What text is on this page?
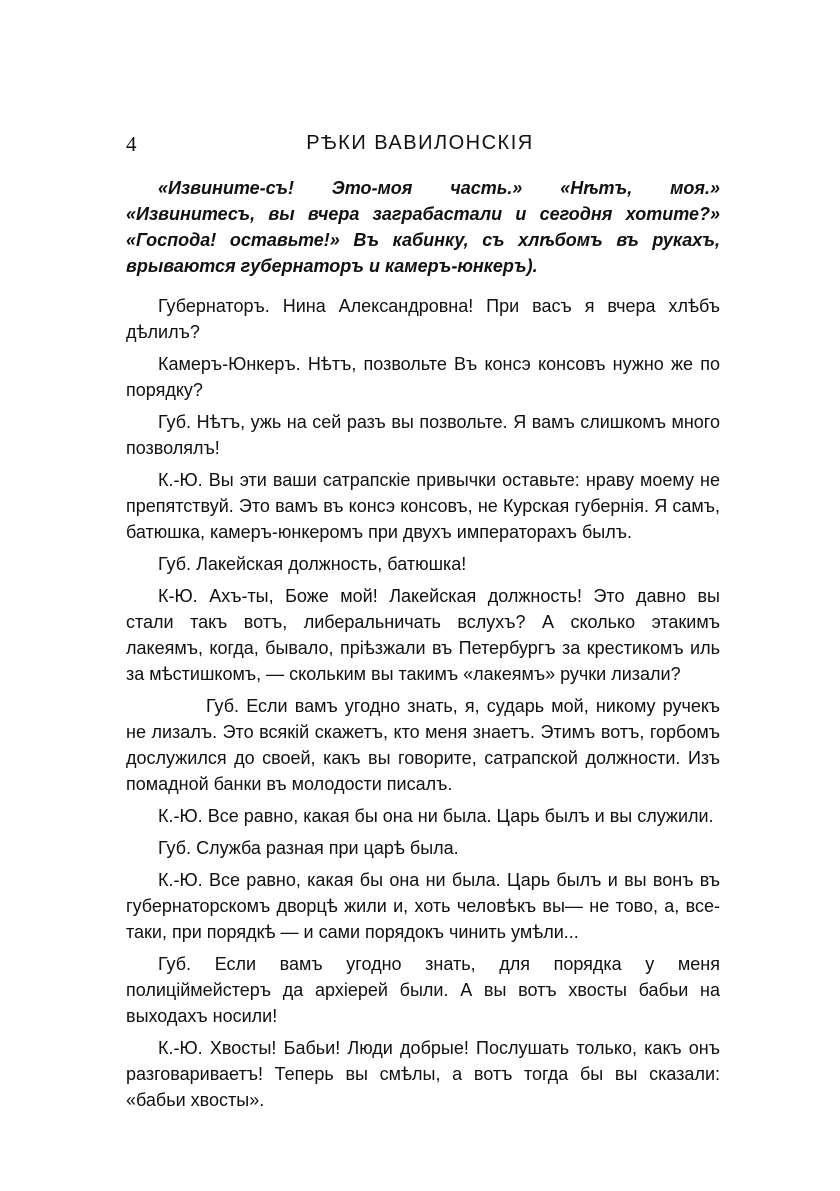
4	РѢКИ ВАВИЛОНСКІЯ

«Извините-съ! Это-моя часть.» «Нѣтъ, моя.» «Извинитесъ, вы вчера заграбастали и сегодня хотите?» «Господа! оставьте!» Въ кабинку, съ хлѣбомъ въ рукахъ, врываются губернаторъ и камеръ-юнкеръ).

Губернаторъ. Нина Александровна! При васъ я вчера хлѣбъ дѣлилъ?

Камеръ-Юнкеръ. Нѣтъ, позвольте Въ консэ консовъ нужно же по порядку?

Губ. Нѣтъ, ужь на сей разъ вы позвольте. Я вамъ слишкомъ много позволялъ!

К.-Ю. Вы эти ваши сатрапскіе привычки оставьте: нраву моему не препятствуй. Это вамъ въ консэ консовъ, не Курская губернія. Я самъ, батюшка, камеръ-юнкеромъ при двухъ императорахъ былъ.

Губ. Лакейская должность, батюшка!

К-Ю. Ахъ-ты, Боже мой! Лакейская должность! Это давно вы стали такъ вотъ, либеральничать вслухъ? А сколько этакимъ лакеямъ, когда, бывало, пріѣзжали въ Петербургъ за крестикомъ иль за мѣстишкомъ, — скольким вы такимъ «лакеямъ» ручки лизали?

Губ. Если вамъ угодно знать, я, сударь мой, никому ручекъ не лизалъ. Это всякій скажетъ, кто меня знаетъ. Этимъ вотъ, горбомъ дослужился до своей, какъ вы говорите, сатрапской должности. Изъ помадной банки въ молодости писалъ.

К.-Ю. Все равно, какая бы она ни была. Царь былъ и вы служили.

Губ. Служба разная при царѣ была.

К.-Ю. Все равно, какая бы она ни была. Царь былъ и вы вонъ въ губернаторскомъ дворцѣ жили и, хоть человѣкъ вы— не тово, а, все-таки, при порядкѣ — и сами порядокъ чинить умѣли...

Губ. Если вамъ угодно знать, для порядка у меня полиціймейстеръ да архіерей были. А вы вотъ хвосты бабьи на выходахъ носили!

К.-Ю. Хвосты! Бабьи! Люди добрые! Послушать только, какъ онъ разговариваетъ! Теперь вы смѣлы, а вотъ тогда бы вы сказали: «бабьи хвосты».
